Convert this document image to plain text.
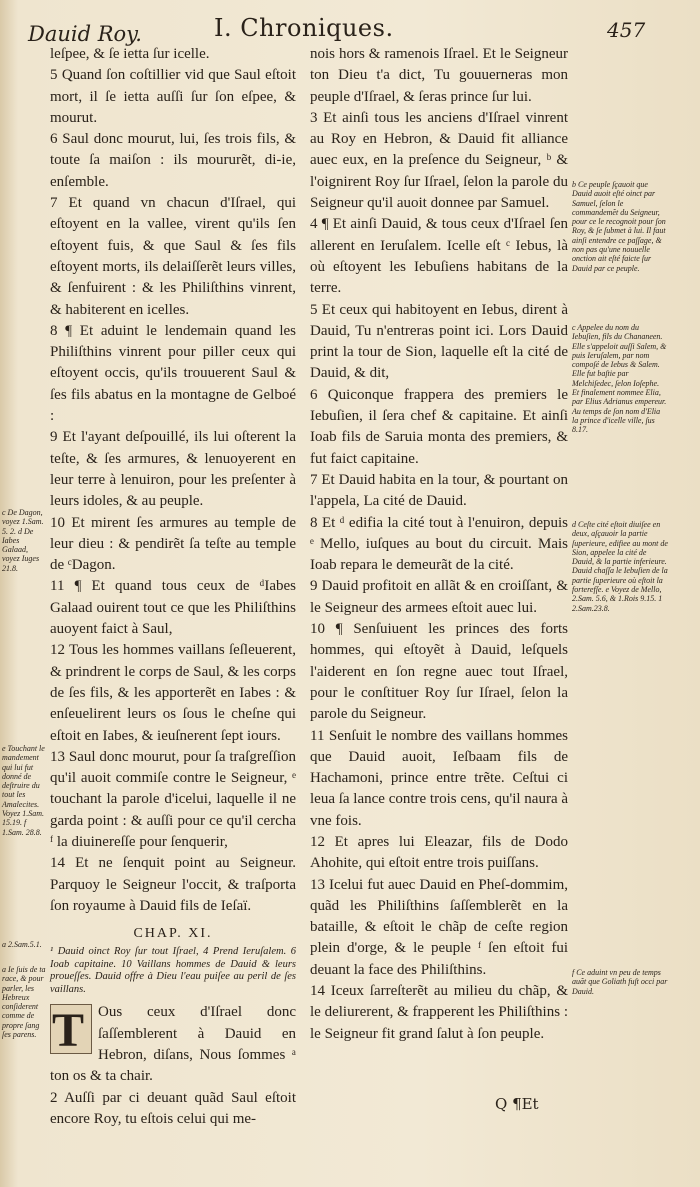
Dauid Roy.	I. Chroniques.	457

leſpee, & ſe ietta ſur icelle.

5 Quand ſon coſtillier vid que Saul eſtoit mort, il ſe ietta auſſi ſur ſon eſpee, & mourut.

6 Saul donc mourut, lui, ſes trois fils, & toute ſa maiſon : ils moururẽt, di-ie, enſemble.

7 Et quand vn chacun d'Iſrael, qui eſtoyent en la vallee, virent qu'ils ſen eſtoyent fuis, & que Saul & ſes fils eſtoyent morts, ils delaiſſerẽt leurs villes, & ſenfuirent : & les Philiſthins vinrent, & habiterent en icelles.

8 ¶ Et aduint le lendemain quand les Philiſthins vinrent pour piller ceux qui eſtoyent occis, qu'ils trouuerent Saul & ſes fils abatus en la montagne de Gelboé :

9 Et l'ayant deſpouillé, ils lui oſterent la teſte, & ſes armures, & lenuoyerent en leur terre à lenuiron, pour les preſenter à leurs idoles, & au peuple.

10 Et mirent ſes armures au temple de leur dieu : & pendirẽt ſa teſte au temple de ᶜDagon.

11 ¶ Et quand tous ceux de ᵈIabes Galaad ouirent tout ce que les Philiſthins auoyent faict à Saul,

12 Tous les hommes vaillans ſeſleuerent, & prindrent le corps de Saul, & les corps de ſes fils, & les apporterẽt en Iabes : & enſeuelirent leurs os ſous le cheſne qui eſtoit en Iabes, & ieuſnerent ſept iours.

13 Saul donc mourut, pour ſa traſgreſſion qu'il auoit commiſe contre le Seigneur, ᵉ touchant la parole d'icelui, laquelle il ne garda point : & auſſi pour ce qu'il cercha ᶠ la diuinereſſe pour ſenquerir,

14 Et ne ſenquit point au Seigneur. Parquoy le Seigneur l'occit, & traſporta ſon royaume à Dauid fils de Ieſaï.

CHAP. XI.

¹ Dauid oinct Roy ſur tout Iſrael, 4 Prend Ieruſalem. 6 Ioab capitaine. 10 Vaillans hommes de Dauid & leurs proueſſes. Dauid offre à Dieu l'eau puiſee au peril de ſes vaillans.

T Ous ceux d'Iſrael donc ſaſſemblerent à Dauid en Hebron, diſans, Nous ſommes ᵃ ton os & ta chair.

2 Auſſi par ci deuant quãd Saul eſtoit encore Roy, tu eſtois celui qui me-

nois hors & ramenois Iſrael. Et le Seigneur ton Dieu t'a dict, Tu gouuerneras mon peuple d'Iſrael, & ſeras prince ſur lui.

3 Et ainſi tous les anciens d'Iſrael vinrent au Roy en Hebron, & Dauid fit alliance auec eux, en la preſence du Seigneur, ᵇ & l'oignirent Roy ſur Iſrael, ſelon la parole du Seigneur qu'il auoit donnee par Samuel.

4 ¶ Et ainſi Dauid, & tous ceux d'Iſrael ſen allerent en Ieruſalem. Icelle eſt ᶜ Iebus, là où eſtoyent les Iebuſiens habitans de la terre.

5 Et ceux qui habitoyent en Iebus, dirent à Dauid, Tu n'entreras point ici. Lors Dauid print la tour de Sion, laquelle eſt la cité de Dauid, & dit,

6 Quiconque frappera des premiers le Iebuſien, il ſera chef & capitaine. Et ainſi Ioab fils de Saruia monta des premiers, & fut faict capitaine.

7 Et Dauid habita en la tour, & pourtant on l'appela, La cité de Dauid.

8 Et ᵈ edifia la cité tout à l'enuiron, depuis ᵉ Mello, iuſques au bout du circuit. Mais Ioab repara le demeurãt de la cité.

9 Dauid profitoit en allãt & en croiſſant, & le Seigneur des armees eſtoit auec lui.

10 ¶ Senſuiuent les princes des forts hommes, qui eſtoyẽt à Dauid, leſquels l'aiderent en ſon regne auec tout Iſrael, pour le conſtituer Roy ſur Iſrael, ſelon la parole du Seigneur.

11 Senſuit le nombre des vaillans hommes que Dauid auoit, Ieſbaam fils de Hachamoni, prince entre trẽte. Ceſtui ci leua ſa lance contre trois cens, qu'il naura à vne fois.

12 Et apres lui Eleazar, fils de Dodo Ahohite, qui eſtoit entre trois puiſſans.

13 Icelui fut auec Dauid en Pheſ-dommim, quãd les Philiſthins ſaſſemblerẽt en la bataille, & eſtoit le chãp de ceſte region plein d'orge, & le peuple ᶠ ſen eſtoit fui deuant la face des Philiſthins.

14 Iceux ſarreſterẽt au milieu du chãp, & le deliurerent, & frapperent les Philiſthins : le Seigneur fit grand ſalut à ſon peuple.

c De Dagon, voyez 1.Sam. 5. 2. d De Iabes Galaad, voyez Iuges 21.8.
e Touchant le mandement qui lui fut donné de deſtruire du tout les Amalecites. Voyez 1.Sam. 15.19. f 1.Sam. 28.8.
a 2.Sam.5.1.
a Ie ſuis de ta race, & pour parler, les Hebreux conſiderent comme de propre ſang ſes parens.
b Ce peuple ſçauoit que Dauid auoit eſté oinct par Samuel, ſelon le commandemẽt du Seigneur, pour ce le recognoit pour ſon Roy, & ſe ſubmet à lui. Il faut ainſi entendre ce paſſage, & non pas qu'une nouuelle onction ait eſté faicte ſur Dauid par ce peuple.
c Appelee du nom du Iebuſien, fils du Chananeen. Elle s'appeloit auſſi Salem, & puis Ieruſalem, par nom compoſé de Iebus & Salem. Elle fut baſtie par Melchiſedec, ſelon Ioſephe. Et finalement nommee Elia, par Elius Adrianus empereur. Au temps de ſon nom d'Elia la prince d'icelle ville, ſus 8.17.
d Ceſte cité eſtoit diuiſee en deux, aſçauoir la partie ſuperieure, edifiee au mont de Sion, appelee la cité de Dauid, & la partie inferieure. Dauid chaſſa le Iebuſien de la partie ſuperieure où eſtoit la forterefſe. e Voyez de Mello, 2.Sam. 5.6, & 1.Rois 9.15. 1 2.Sam.23.8.
f Ce aduint vn peu de temps auãt que Goliath fuſt occi par Dauid.
Q ¶Et
